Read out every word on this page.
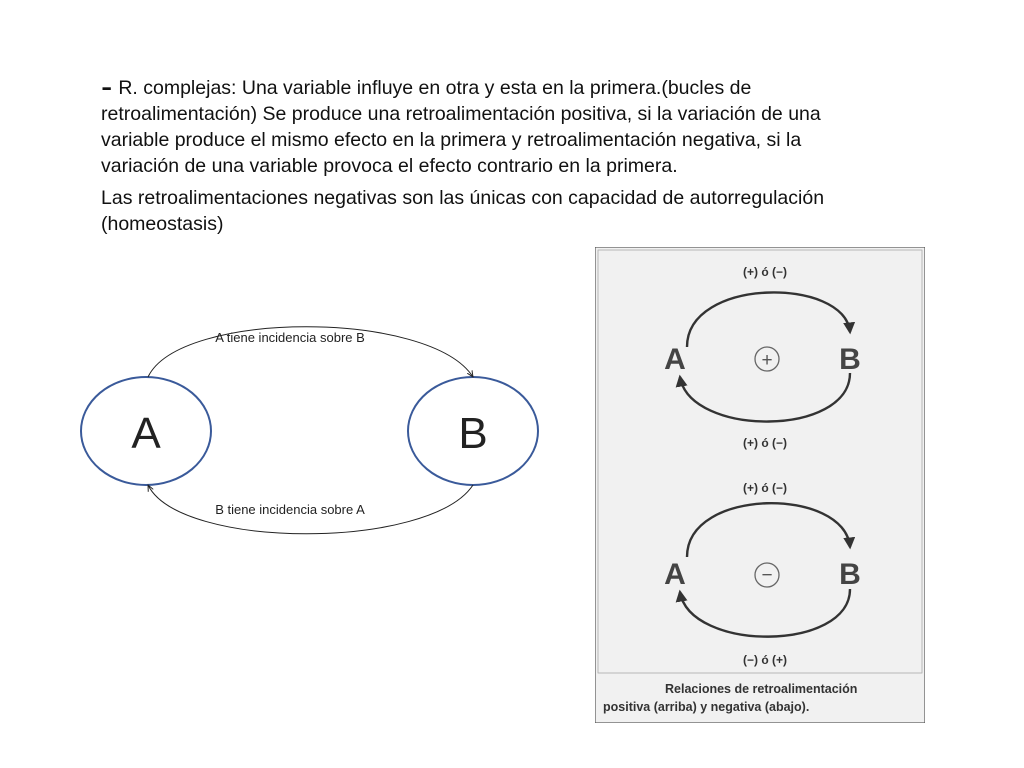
- R. complejas: Una variable influye en otra y esta en la primera.(bucles de
retroalimentación) Se produce una retroalimentación positiva, si la variación de una
variable produce el mismo efecto en la primera y retroalimentación negativa, si la
variación de una variable provoca el efecto contrario en la primera.

Las retroalimentaciones negativas son las únicas con capacidad de autorregulación
(homeostasis)

A	B
A tiene incidencia sobre B
B tiene incidencia sobre A
(+) ó (−)
A	B
+
(+) ó (−)
(+) ó (−)
A	B
−
(−) ó (+)
Relaciones de retroalimentación
positiva (arriba) y negativa (abajo).
